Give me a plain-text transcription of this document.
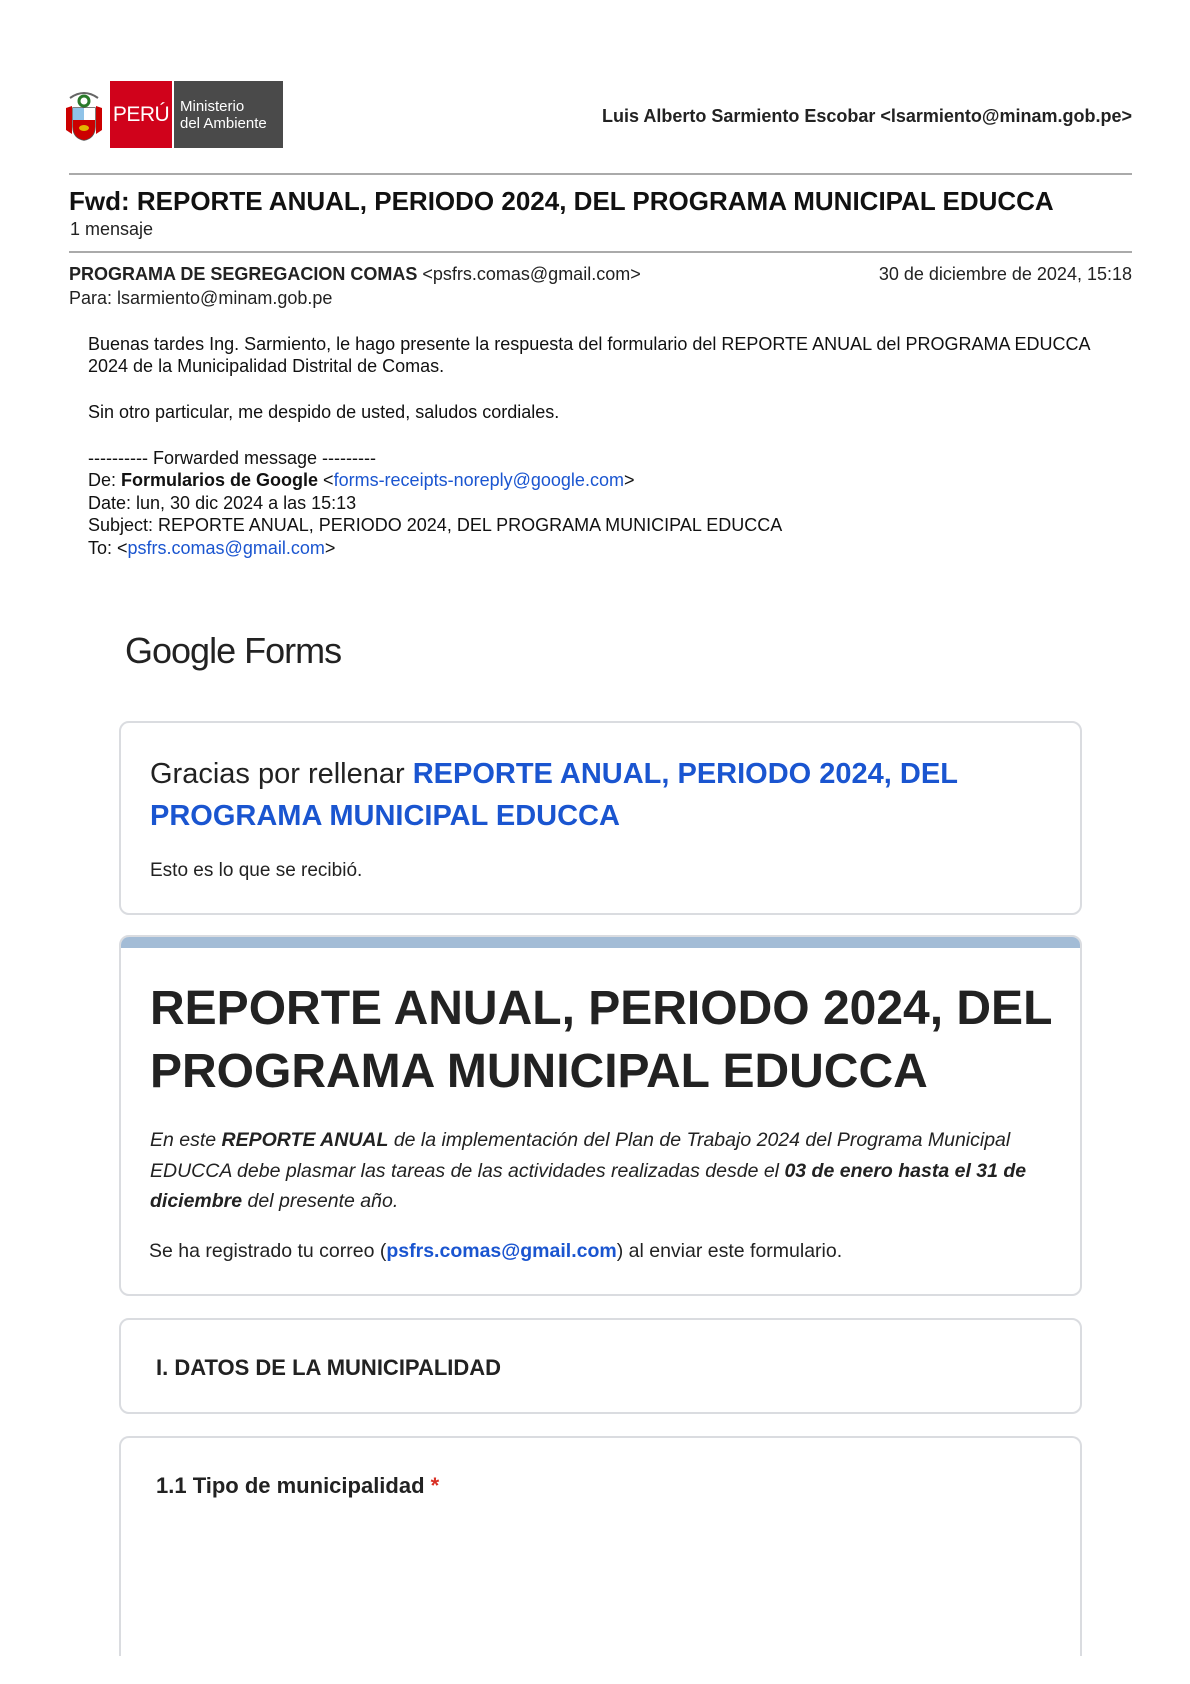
PERÚ Ministerio
del Ambiente	Luis Alberto Sarmiento Escobar <lsarmiento@minam.gob.pe>
Fwd: REPORTE ANUAL, PERIODO 2024, DEL PROGRAMA MUNICIPAL EDUCCA
1 mensaje
PROGRAMA DE SEGREGACION COMAS <psfrs.comas@gmail.com>	30 de diciembre de 2024, 15:18
Para: lsarmiento@minam.gob.pe
Buenas tardes Ing. Sarmiento, le hago presente la respuesta del formulario del REPORTE ANUAL del PROGRAMA EDUCCA 2024 de la Municipalidad Distrital de Comas.
Sin otro particular, me despido de usted, saludos cordiales.
---------- Forwarded message ---------
De: Formularios de Google <forms-receipts-noreply@google.com>
Date: lun, 30 dic 2024 a las 15:13
Subject: REPORTE ANUAL, PERIODO 2024, DEL PROGRAMA MUNICIPAL EDUCCA
To: <psfrs.comas@gmail.com>
Google Forms
Gracias por rellenar REPORTE ANUAL, PERIODO 2024, DEL PROGRAMA MUNICIPAL EDUCCA
Esto es lo que se recibió.
REPORTE ANUAL, PERIODO 2024, DEL PROGRAMA MUNICIPAL EDUCCA
En este REPORTE ANUAL de la implementación del Plan de Trabajo 2024 del Programa Municipal EDUCCA debe plasmar las tareas de las actividades realizadas desde el 03 de enero hasta el 31 de diciembre del presente año.
Se ha registrado tu correo (psfrs.comas@gmail.com) al enviar este formulario.
I. DATOS DE LA MUNICIPALIDAD
1.1 Tipo de municipalidad *
